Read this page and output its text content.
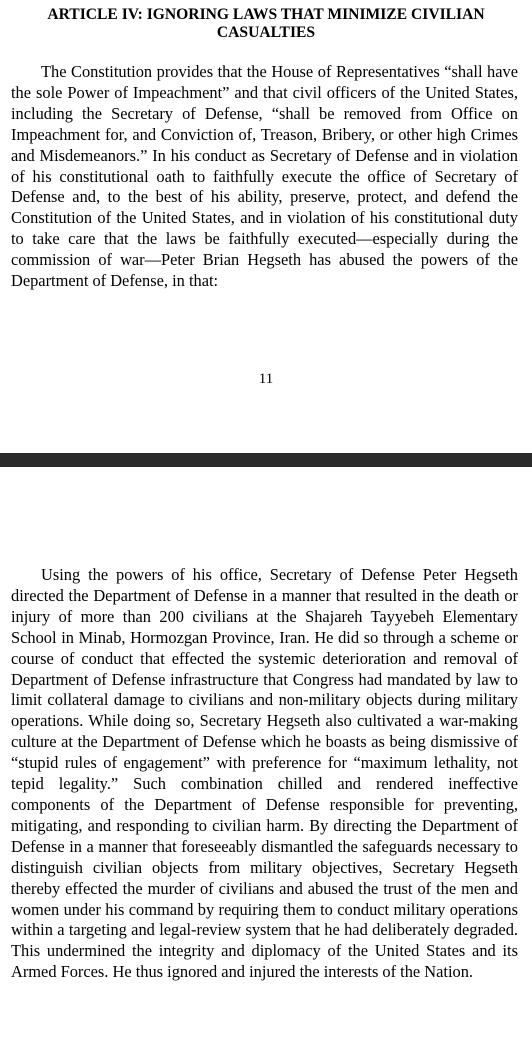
ARTICLE IV: IGNORING LAWS THAT MINIMIZE CIVILIAN CASUALTIES

The Constitution provides that the House of Representatives “shall have the sole Power of Impeachment” and that civil officers of the United States, including the Secretary of Defense, “shall be removed from Office on Impeachment for, and Conviction of, Treason, Bribery, or other high Crimes and Misdemeanors.” In his conduct as Secretary of Defense and in violation of his constitutional oath to faithfully execute the office of Secretary of Defense and, to the best of his ability, preserve, protect, and defend the Constitution of the United States, and in violation of his constitutional duty to take care that the laws be faithfully executed—especially during the commission of war—Peter Brian Hegseth has abused the powers of the Department of Defense, in that:

11

Using the powers of his office, Secretary of Defense Peter Hegseth directed the Department of Defense in a manner that resulted in the death or injury of more than 200 civilians at the Shajareh Tayyebeh Elementary School in Minab, Hormozgan Province, Iran. He did so through a scheme or course of conduct that effected the systemic deterioration and removal of Department of Defense infrastructure that Congress had mandated by law to limit collateral damage to civilians and non-military objects during military operations. While doing so, Secretary Hegseth also cultivated a war-making culture at the Department of Defense which he boasts as being dismissive of “stupid rules of engagement” with preference for “maximum lethality, not tepid legality.” Such combination chilled and rendered ineffective components of the Department of Defense responsible for preventing, mitigating, and responding to civilian harm. By directing the Department of Defense in a manner that foreseeably dismantled the safeguards necessary to distinguish civilian objects from military objectives, Secretary Hegseth thereby effected the murder of civilians and abused the trust of the men and women under his command by requiring them to conduct military operations within a targeting and legal-review system that he had deliberately degraded. This undermined the integrity and diplomacy of the United States and its Armed Forces. He thus ignored and injured the interests of the Nation.
